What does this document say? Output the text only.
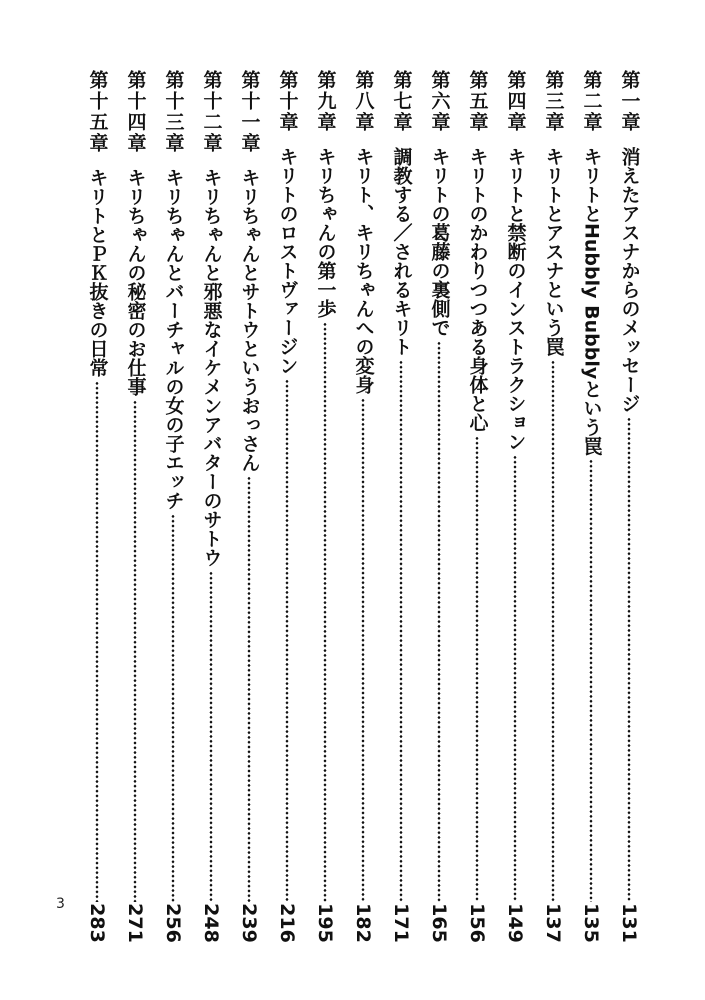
第一章
消えたアスナからのメッセージ
131
第二章
キリトとHubbly Bubblyという罠
135
第三章
キリトとアスナという罠
137
第四章
キリトと禁断のインストラクション
149
第五章
キリトのかわりつつある身体と心
156
第六章
キリトの葛藤の裏側で
165
第七章
調教する／されるキリト
171
第八章
キリト、キリちゃんへの変身
182
第九章
キリちゃんの第一歩
195
第十章
キリトのロストヴァージン
216
第十一章
キリちゃんとサトウというおっさん
239
第十二章
キリちゃんと邪悪なイケメンアバターのサトウ
248
第十三章
キリちゃんとバーチャルの女の子エッチ
256
第十四章
キリちゃんの秘密のお仕事
271
第十五章
キリトとＰＫ抜きの日常
283
3
